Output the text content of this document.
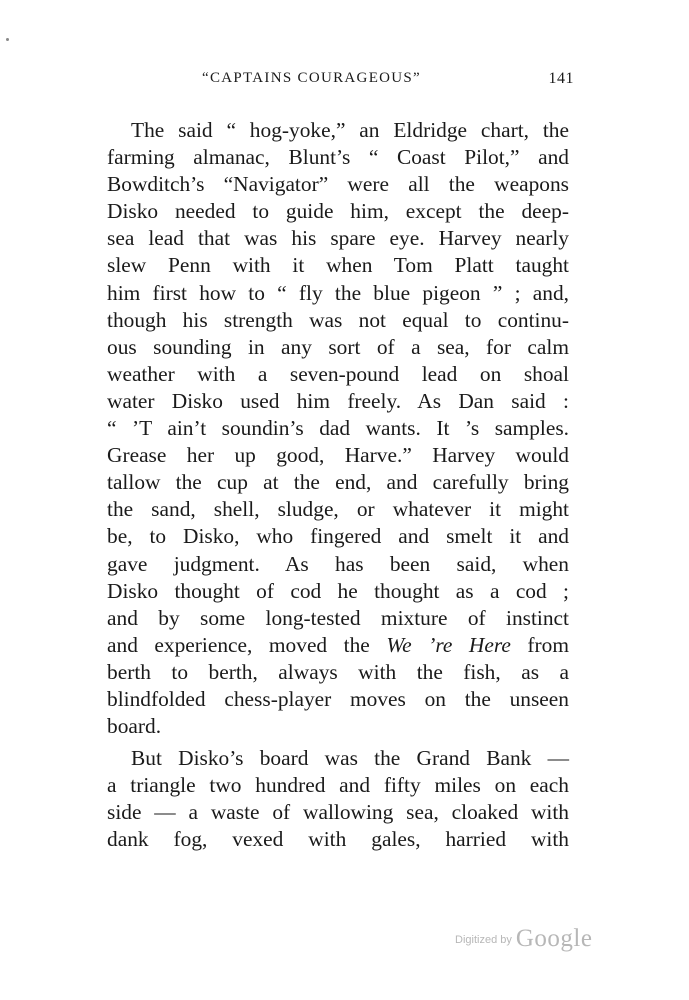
“CAPTAINS COURAGEOUS”	141
The said “ hog-yoke,” an Eldridge chart, the
farming almanac, Blunt’s “ Coast Pilot,” and
Bowditch’s “Navigator” were all the weapons
Disko needed to guide him, except the deep-
sea lead that was his spare eye. Harvey nearly
slew Penn with it when Tom Platt taught
him first how to “ fly the blue pigeon ” ; and,
though his strength was not equal to continu-
ous sounding in any sort of a sea, for calm
weather with a seven-pound lead on shoal
water Disko used him freely. As Dan said :
“ ’T ain’t soundin’s dad wants. It ’s samples.
Grease her up good, Harve.” Harvey would
tallow the cup at the end, and carefully bring
the sand, shell, sludge, or whatever it might
be, to Disko, who fingered and smelt it and
gave judgment. As has been said, when
Disko thought of cod he thought as a cod ;
and by some long-tested mixture of instinct
and experience, moved the We ’re Here from
berth to berth, always with the fish, as a
blindfolded chess-player moves on the unseen
board.
But Disko’s board was the Grand Bank —
a triangle two hundred and fifty miles on each
side — a waste of wallowing sea, cloaked with
dank fog, vexed with gales, harried with
Digitized by Google
